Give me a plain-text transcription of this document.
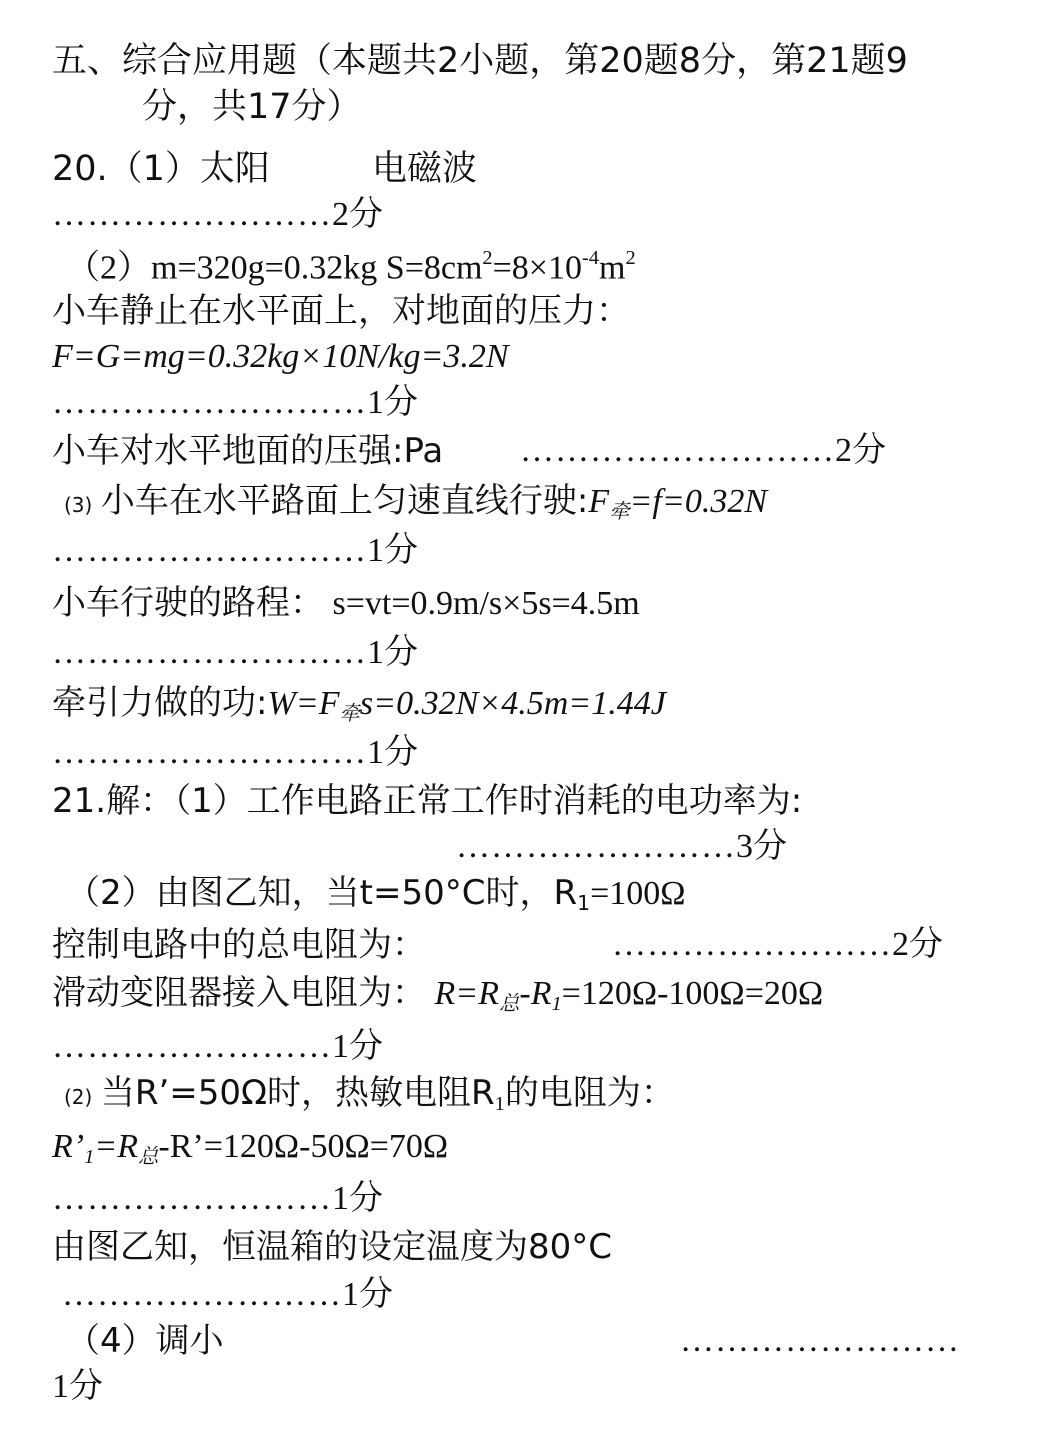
五、综合应用题（本题共2小题，第20题8分，第21题9
分，共17分）
20.（1）太阳	电磁波
……………………2分
（2）m=320g=0.32kg $S=8cm^2=8\times 10^{-4}m^2$
小车静止在水平面上，对地面的压力：
F=G=mg=0.32kg×10N/kg=3.2N
………………………1分
小车对水平地面的压强:Pa ………………………2分
(3) 小车在水平路面上匀速直线行驶$:F_牵=f=0.32N$
………………………1分
小车行驶的路程： s=vt=0.9m/s×5s=4.5m
………………………1分
牵引力做的功$:W=F_牵s=0.32N\times 4.5m=1.44J$
………………………1分
21.解：（1）工作电路正常工作时消耗的电功率为:
……………………3分
（2）由图乙知，当t=50°C时，$R_1=100\Omega$
控制电路中的总电阻为：	……………………2分
滑动变阻器接入电阻为： $R=R_总-R_1=120\Omega-100\Omega=20\Omega$
……………………1分
(2) 当R’=50Ω时，热敏电阻$R_1$的电阻为：
$R’_1=R_总-R’=120\Omega-50\Omega=70\Omega$
……………………1分
由图乙知，恒温箱的设定温度为80°C
……………………1分
（4）调小	……………………
1分
